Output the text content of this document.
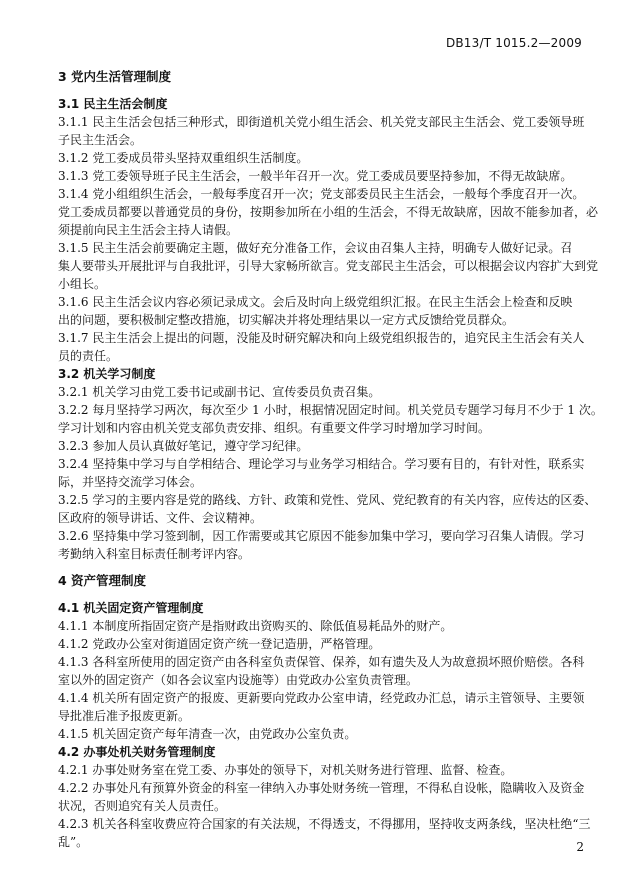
DB13/T 1015.2—2009
3 党内生活管理制度
3.1 民主生活会制度
3.1.1 民主生活会包括三种形式，即街道机关党小组生活会、机关党支部民主生活会、党工委领导班
子民主生活会。
3.1.2 党工委成员带头坚持双重组织生活制度。
3.1.3 党工委领导班子民主生活会，一般半年召开一次。党工委成员要坚持参加，不得无故缺席。
3.1.4 党小组组织生活会，一般每季度召开一次；党支部委员民主生活会，一般每个季度召开一次。
党工委成员都要以普通党员的身份，按期参加所在小组的生活会，不得无故缺席，因故不能参加者，必
须提前向民主生活会主持人请假。
3.1.5 民主生活会前要确定主题，做好充分准备工作，会议由召集人主持，明确专人做好记录。召
集人要带头开展批评与自我批评，引导大家畅所欲言。党支部民主生活会，可以根据会议内容扩大到党
小组长。
3.1.6 民主生活会议内容必须记录成文。会后及时向上级党组织汇报。在民主生活会上检查和反映
出的问题，要积极制定整改措施，切实解决并将处理结果以一定方式反馈给党员群众。
3.1.7 民主生活会上提出的问题，没能及时研究解决和向上级党组织报告的，追究民主生活会有关人
员的责任。
3.2 机关学习制度
3.2.1 机关学习由党工委书记或副书记、宣传委员负责召集。
3.2.2 每月坚持学习两次，每次至少 1 小时，根据情况固定时间。机关党员专题学习每月不少于 1 次。
学习计划和内容由机关党支部负责安排、组织。有重要文件学习时增加学习时间。
3.2.3 参加人员认真做好笔记，遵守学习纪律。
3.2.4 坚持集中学习与自学相结合、理论学习与业务学习相结合。学习要有目的，有针对性，联系实
际，并坚持交流学习体会。
3.2.5 学习的主要内容是党的路线、方针、政策和党性、党风、党纪教育的有关内容，应传达的区委、
区政府的领导讲话、文件、会议精神。
3.2.6 坚持集中学习签到制，因工作需要或其它原因不能参加集中学习，要向学习召集人请假。学习
考勤纳入科室目标责任制考评内容。
4 资产管理制度
4.1 机关固定资产管理制度
4.1.1 本制度所指固定资产是指财政出资购买的、除低值易耗品外的财产。
4.1.2 党政办公室对街道固定资产统一登记造册，严格管理。
4.1.3 各科室所使用的固定资产由各科室负责保管、保养，如有遗失及人为故意损坏照价赔偿。各科
室以外的固定资产（如各会议室内设施等）由党政办公室负责管理。
4.1.4 机关所有固定资产的报废、更新要向党政办公室申请，经党政办汇总，请示主管领导、主要领
导批准后准予报废更新。
4.1.5 机关固定资产每年清查一次，由党政办公室负责。
4.2 办事处机关财务管理制度
4.2.1 办事处财务室在党工委、办事处的领导下，对机关财务进行管理、监督、检查。
4.2.2 办事处凡有预算外资金的科室一律纳入办事处财务统一管理，不得私自设帐，隐瞒收入及资金
状况，否则追究有关人员责任。
4.2.3 机关各科室收费应符合国家的有关法规，不得透支，不得挪用，坚持收支两条线，坚决杜绝“三
乱”。	2
